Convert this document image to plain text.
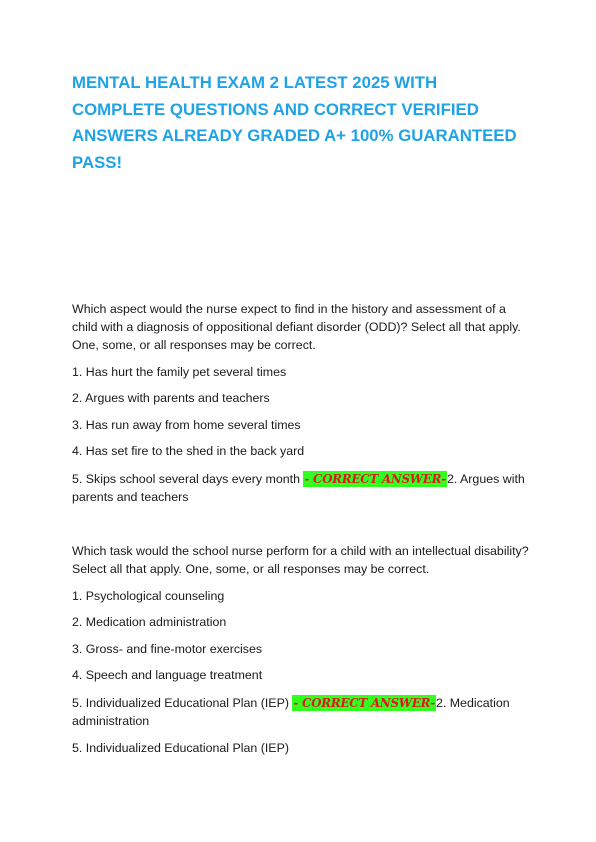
MENTAL HEALTH EXAM 2 LATEST 2025 WITH COMPLETE QUESTIONS AND CORRECT VERIFIED ANSWERS ALREADY GRADED A+ 100% GUARANTEED PASS!

Which aspect would the nurse expect to find in the history and assessment of a child with a diagnosis of oppositional defiant disorder (ODD)? Select all that apply. One, some, or all responses may be correct.

1. Has hurt the family pet several times

2. Argues with parents and teachers

3. Has run away from home several times

4. Has set fire to the shed in the back yard

5. Skips school several days every month - CORRECT ANSWER-2. Argues with parents and teachers

Which task would the school nurse perform for a child with an intellectual disability? Select all that apply. One, some, or all responses may be correct.

1. Psychological counseling

2. Medication administration

3. Gross- and fine-motor exercises

4. Speech and language treatment

5. Individualized Educational Plan (IEP) - CORRECT ANSWER-2. Medication administration

5. Individualized Educational Plan (IEP)
